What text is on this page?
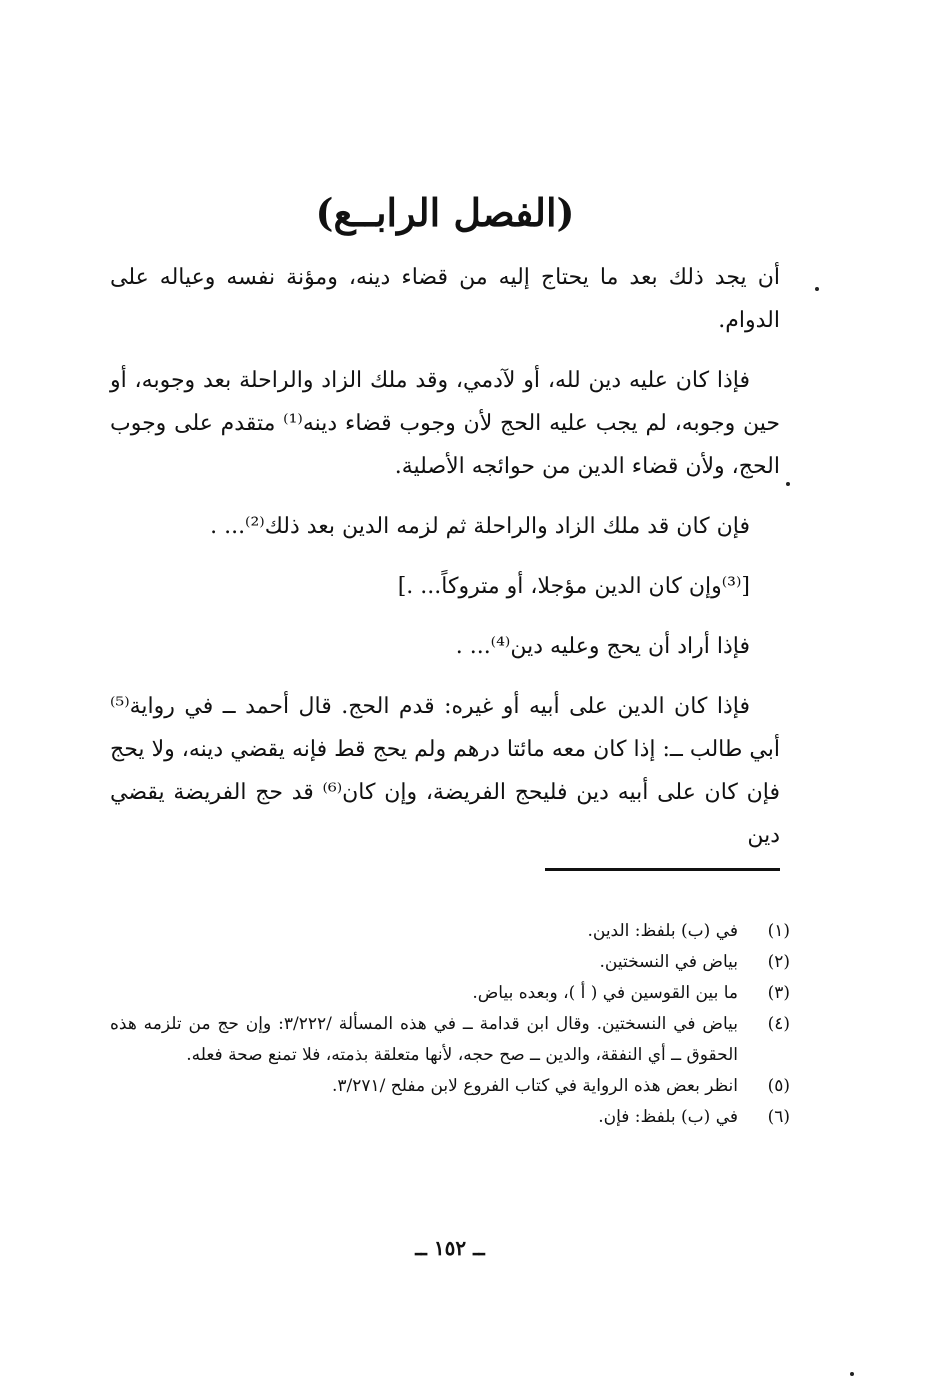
(الفصل الرابــع)

أن يجد ذلك بعد ما يحتاج إليه من قضاء دينه، ومؤنة نفسه وعياله على الدوام.

فإذا كان عليه دين لله، أو لآدمي، وقد ملك الزاد والراحلة بعد وجوبه، أو حين وجوبه، لم يجب عليه الحج لأن وجوب قضاء دينه⁽¹⁾ متقدم على وجوب الحج، ولأن قضاء الدين من حوائجه الأصلية.

فإن كان قد ملك الزاد والراحلة ثم لزمه الدين بعد ذلك⁽²⁾... .

[⁽³⁾وإن كان الدين مؤجلا، أو متروكاً... .]

فإذا أراد أن يحج وعليه دين⁽⁴⁾... .

فإذا كان الدين على أبيه أو غيره: قدم الحج. قال أحمد ــ في رواية⁽⁵⁾ أبي طالب ــ: إذا كان معه مائتا درهم ولم يحج قط فإنه يقضي دينه، ولا يحج فإن كان على أبيه دين فليحج الفريضة، وإن كان⁽⁶⁾ قد حج الفريضة يقضي دين

(١)
في (ب) بلفظ: الدين.
(٢)
بياض في النسختين.
(٣)
ما بين القوسين في ( أ )، وبعده بياض.
(٤)
بياض في النسختين. وقال ابن قدامة ــ في هذه المسألة /٣/٢٢٢: وإن حج من تلزمه هذه الحقوق ــ أي النفقة، والدين ــ صح حجه، لأنها متعلقة بذمته، فلا تمنع صحة فعله.
(٥)
انظر بعض هذه الرواية في كتاب الفروع لابن مفلح /٣/٢٧١.
(٦)
في (ب) بلفظ: فإن.
ــ ١٥٢ ــ
